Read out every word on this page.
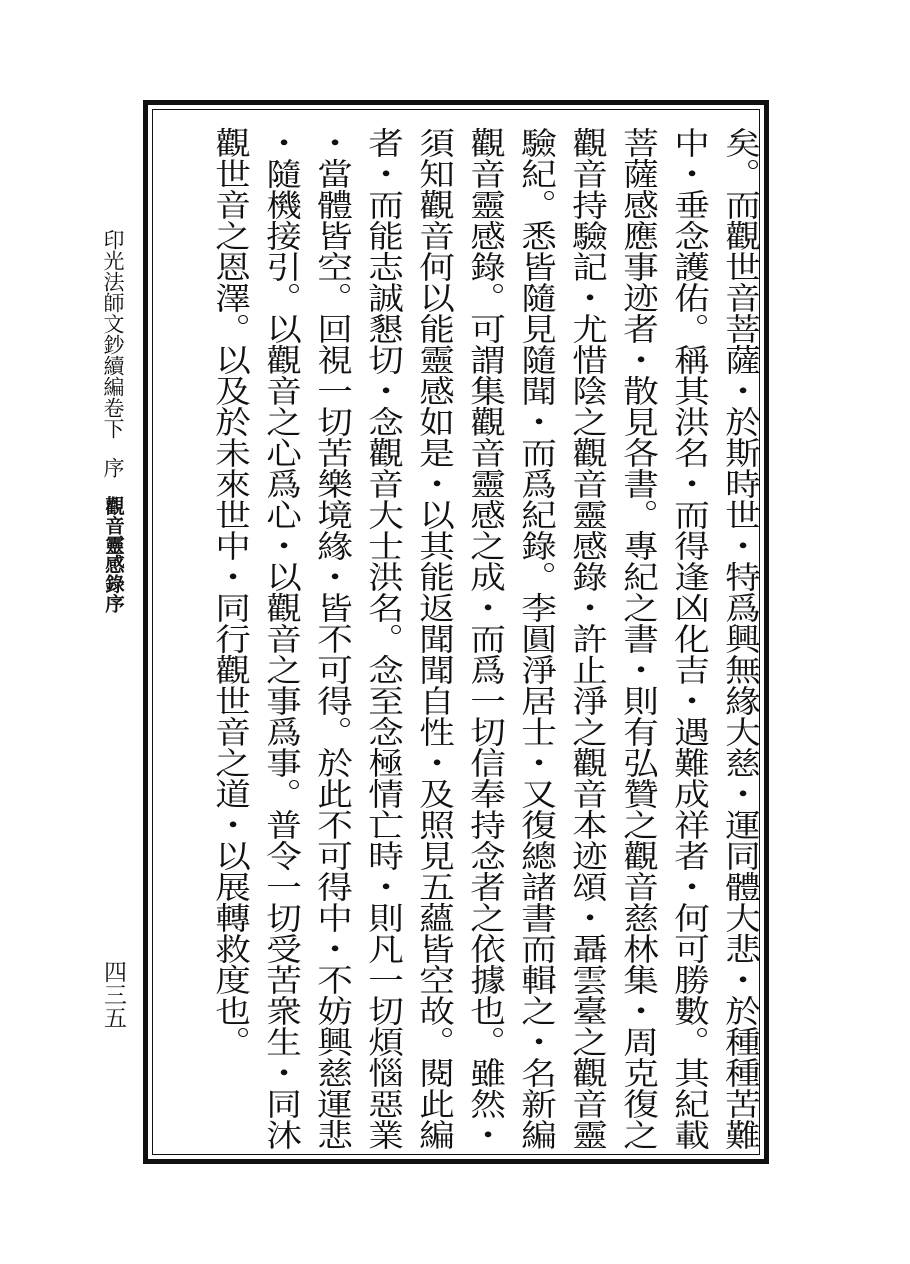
印光法師文鈔續編卷下
序
觀音靈感錄序
四三五	矣。而觀世音菩薩・於斯時世・特爲興無緣大慈・運同體大悲・於種種苦難
中・垂念護佑。稱其洪名・而得逢凶化吉・遇難成祥者・何可勝數。其紀載
菩薩感應事迹者・散見各書。專紀之書・則有弘贊之觀音慈林集・周克復之
觀音持驗記・尤惜陰之觀音靈感錄・許止淨之觀音本迹頌・聶雲臺之觀音靈
驗紀。悉皆隨見隨聞・而爲紀錄。李圓淨居士・又復總諸書而輯之・名新編
觀音靈感錄。可謂集觀音靈感之成・而爲一切信奉持念者之依據也。雖然・
須知觀音何以能靈感如是・以其能返聞聞自性・及照見五蘊皆空故。閱此編
者・而能志誠懇切・念觀音大士洪名。念至念極情亡時・則凡一切煩惱惡業
・當體皆空。回視一切苦樂境緣・皆不可得。於此不可得中・不妨興慈運悲
・隨機接引。以觀音之心爲心・以觀音之事爲事。普令一切受苦衆生・同沐
觀世音之恩澤。以及於未來世中・同行觀世音之道・以展轉救度也。
